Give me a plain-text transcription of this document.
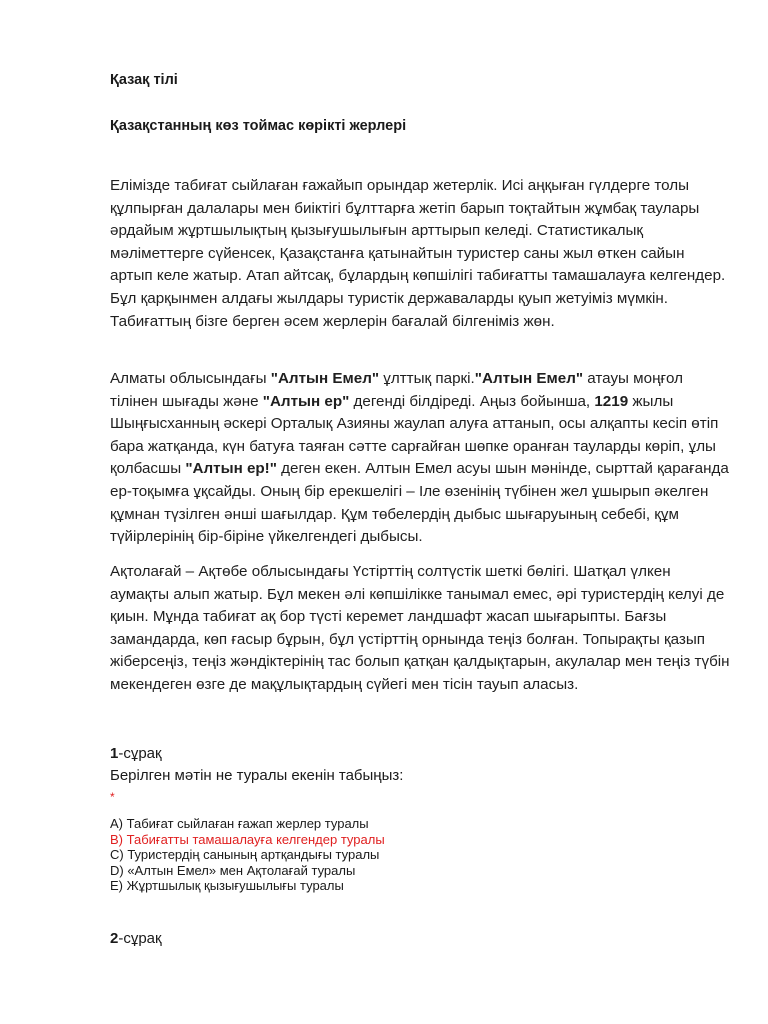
Қазақ тілі

Қазақстанның көз тоймас көрікті жерлері

Елімізде табиғат сыйлаған ғажайып орындар жетерлік. Исі аңқыған гүлдерге толы құлпырған далалары мен биіктігі бұлттарға жетіп барып тоқтайтын жұмбақ таулары әрдайым жұртшылықтың қызығушылығын арттырып келеді. Статистикалық мәліметтерге сүйенсек, Қазақстанға қатынайтын туристер саны жыл өткен сайын артып келе жатыр. Атап айтсақ, бұлардың көпшілігі табиғатты тамашалауға келгендер. Бұл қарқынмен алдағы жылдары туристік державаларды қуып жетуіміз мүмкін. Табиғаттың бізге берген әсем жерлерін бағалай білгеніміз жөн.

Алматы облысындағы "Алтын Емел" ұлттық паркі."Алтын Емел" атауы моңғол тілінен шығады және "Алтын ер" дегенді білдіреді. Аңыз бойынша, 1219 жылы Шыңғысханның әскері Орталық Азияны жаулап алуға аттанып, осы алқапты кесіп өтіп бара жатқанда, күн батуға таяған сәтте сарғайған шөпке оранған тауларды көріп, ұлы қолбасшы "Алтын ер!" деген екен. Алтын Емел асуы шын мәнінде, сырттай қарағанда ер-тоқымға ұқсайды. Оның бір ерекшелігі – Іле өзенінің түбінен жел ұшырып әкелген құмнан түзілген әнші шағылдар. Құм төбелердің дыбыс шығаруының себебі, құм түйірлерінің бір-біріне үйкелгендегі дыбысы.

Ақтолағай – Ақтөбе облысындағы Үстірттің солтүстік шеткі бөлігі. Шатқал үлкен аумақты алып жатыр. Бұл мекен әлі көпшілікке танымал емес, әрі туристердің келуі де қиын. Мұнда табиғат ақ бор түсті керемет ландшафт жасап шығарыпты. Бағзы замандарда, көп ғасыр бұрын, бұл үстірттің орнында теңіз болған. Топырақты қазып жіберсеңіз, теңіз жәндіктерінің тас болып қатқан қалдықтарын, акулалар мен теңіз түбін мекендеген өзге де мақұлықтардың сүйегі мен тісін тауып аласыз.

1-сұрақ

Берілген мәтін не туралы екенін табыңыз:

*

A) Табиғат сыйлаған ғажап жерлер туралы
B) Табиғатты тамашалауға келгендер туралы
C) Туристердің санының артқандығы туралы
D) «Алтын Емел» мен Ақтолағай туралы
E) Жұртшылық қызығушылығы туралы

2-сұрақ
